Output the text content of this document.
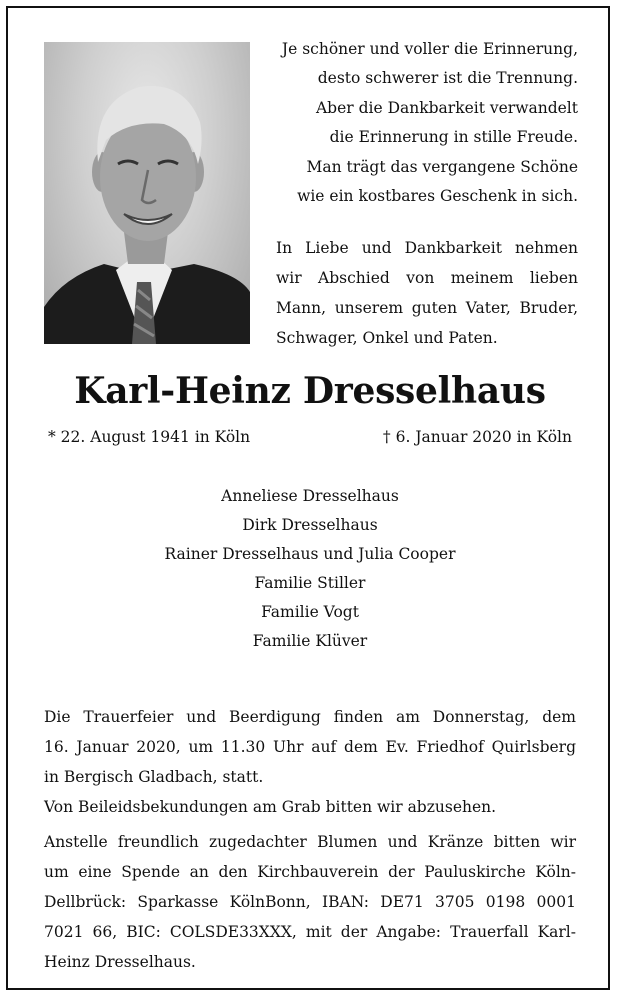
Je schöner und voller die Erinnerung,
desto schwerer ist die Trennung.
Aber die Dankbarkeit verwandelt
die Erinnerung in stille Freude.
Man trägt das vergangene Schöne
wie ein kostbares Geschenk in sich.
In Liebe und Dankbarkeit nehmen
wir Abschied von meinem lieben
Mann, unserem guten Vater, Bruder,
Schwager, Onkel und Paten.
Karl-Heinz Dresselhaus
* 22. August 1941 in Köln	† 6. Januar 2020 in Köln
Anneliese Dresselhaus
Dirk Dresselhaus
Rainer Dresselhaus und Julia Cooper
Familie Stiller
Familie Vogt
Familie Klüver
Die Trauerfeier und Beerdigung finden am Donnerstag, dem
16. Januar 2020, um 11.30 Uhr auf dem Ev. Friedhof Quirlsberg
in Bergisch Gladbach, statt.
Von Beileidsbekundungen am Grab bitten wir abzusehen.
Anstelle freundlich zugedachter Blumen und Kränze bitten wir
um eine Spende an den Kirchbauverein der Pauluskirche Köln-
Dellbrück: Sparkasse KölnBonn, IBAN: DE71 3705 0198 0001
7021 66, BIC: COLSDE33XXX, mit der Angabe: Trauerfall Karl-
Heinz Dresselhaus.
